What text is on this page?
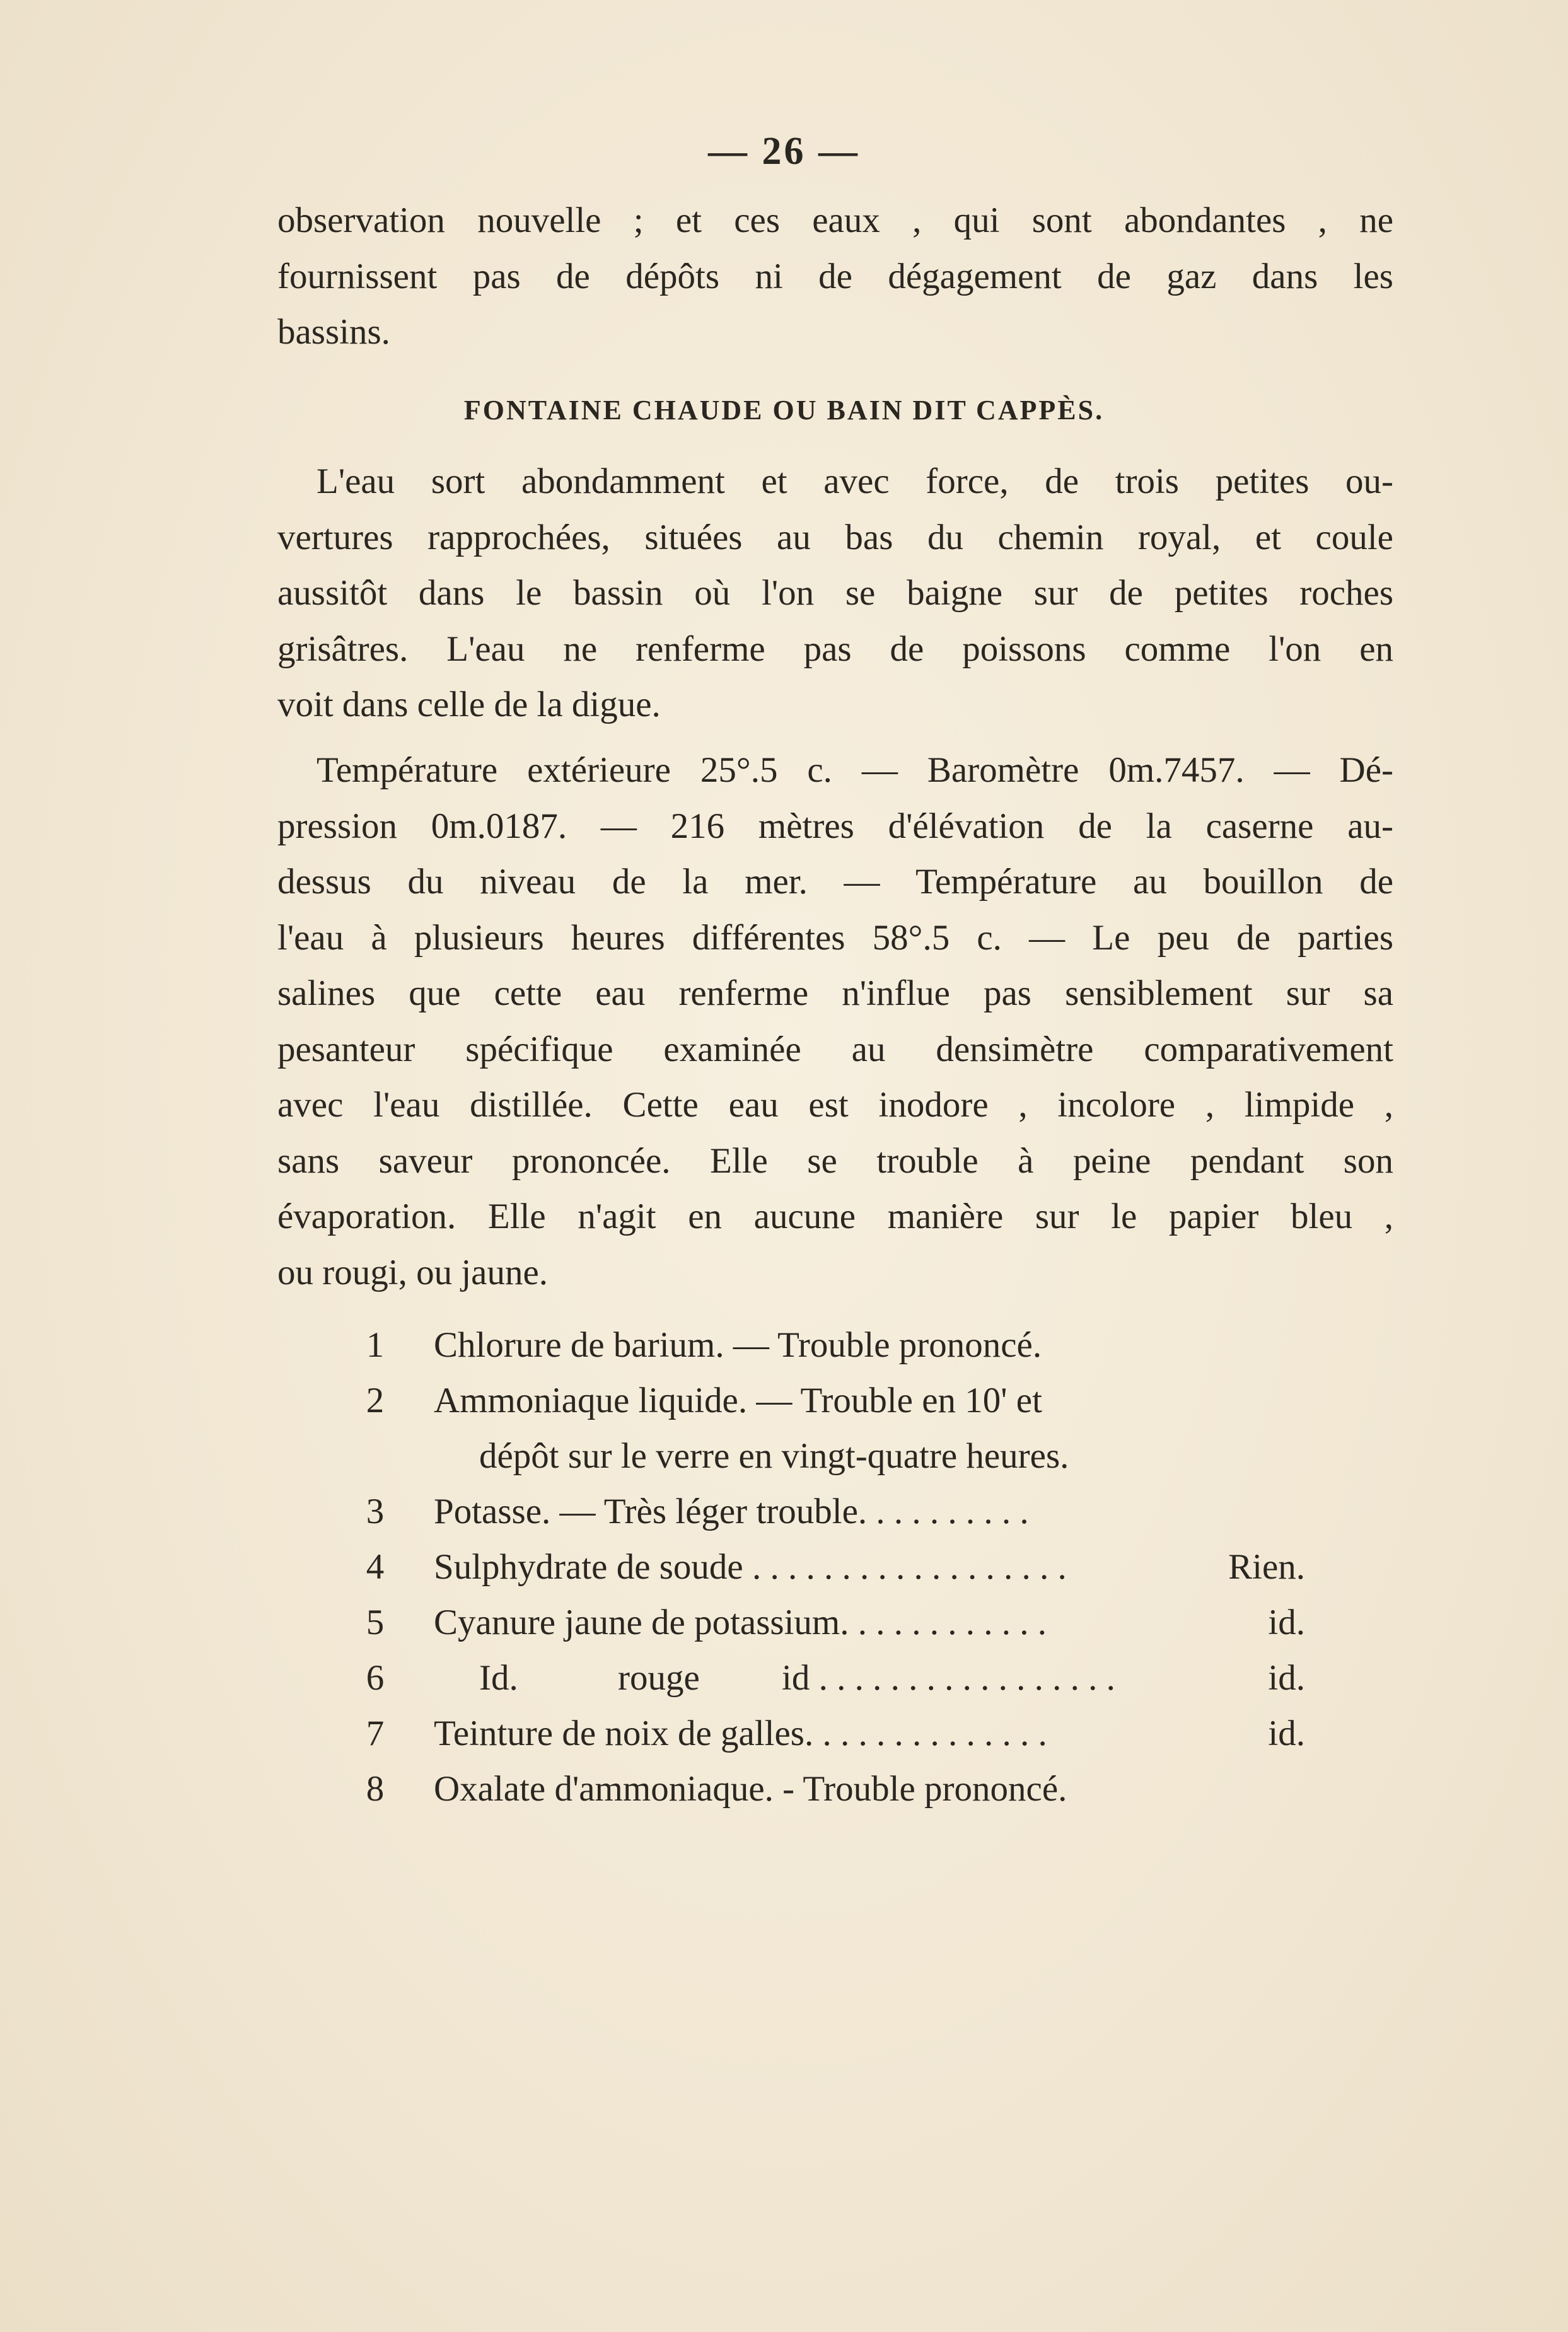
— 26 —
observation nouvelle ; et ces eaux , qui sont abondantes , ne
fournissent pas de dépôts ni de dégagement de gaz dans les
bassins.
FONTAINE CHAUDE OU BAIN DIT CAPPÈS.
L'eau sort abondamment et avec force, de trois petites ou-
vertures rapprochées, situées au bas du chemin royal, et coule
aussitôt dans le bassin où l'on se baigne sur de petites roches
grisâtres. L'eau ne renferme pas de poissons comme l'on en
voit dans celle de la digue.
Température extérieure 25°.5 c. — Baromètre 0m.7457. — Dé-
pression 0m.0187. — 216 mètres d'élévation de la caserne au-
dessus du niveau de la mer. — Température au bouillon de
l'eau à plusieurs heures différentes 58°.5 c. — Le peu de parties
salines que cette eau renferme n'influe pas sensiblement sur sa
pesanteur spécifique examinée au densimètre comparativement
avec l'eau distillée. Cette eau est inodore , incolore , limpide ,
sans saveur prononcée. Elle se trouble à peine pendant son
évaporation. Elle n'agit en aucune manière sur le papier bleu ,
ou rougi, ou jaune.
1 Chlorure de barium. — Trouble prononcé.
2 Ammoniaque liquide. — Trouble en 10' et
dépôt sur le verre en vingt-quatre heures.
3 Potasse. — Très léger trouble. . . . . . . . . .
4 Sulphydrate de soude . . . . . . . . . . . . . . . . . .	Rien.
5 Cyanure jaune de potassium. . . . . . . . . . . .	id.
6	Id.	rouge id . . . . . . . . . . . . . . . . .	id.
7 Teinture de noix de galles. . . . . . . . . . . . . .	id.
8 Oxalate d'ammoniaque. - Trouble prononcé.
